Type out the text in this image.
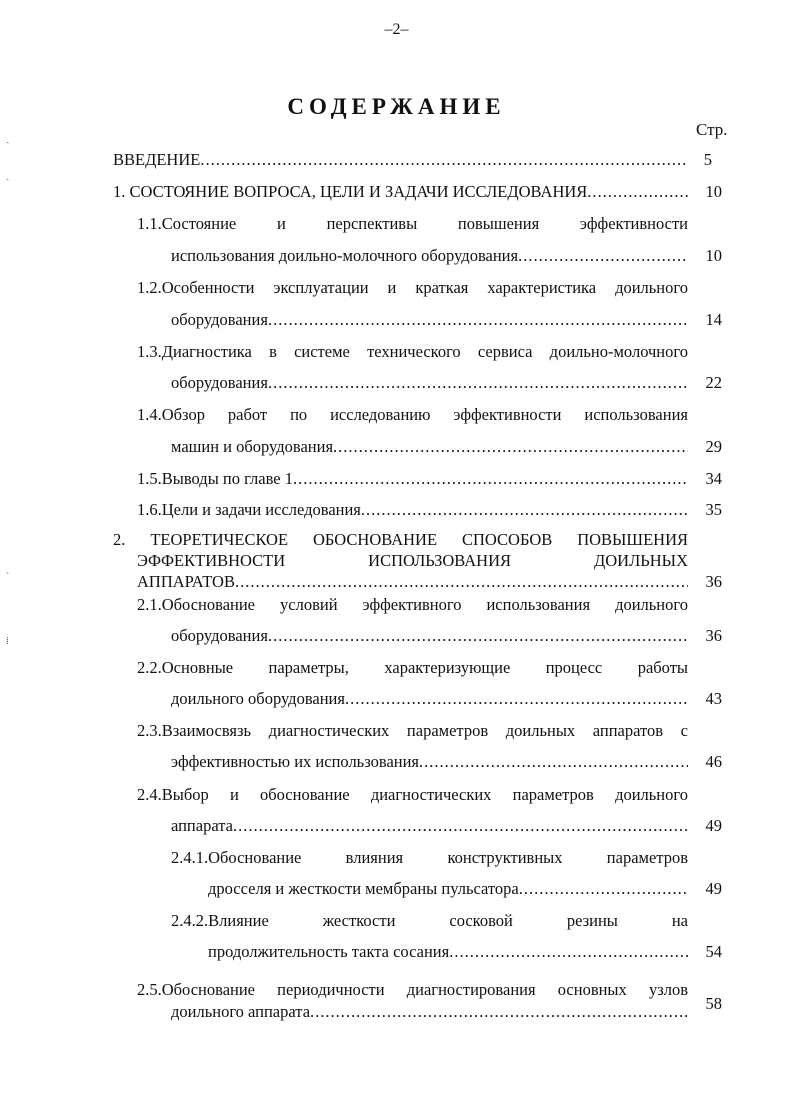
–2–
СОДЕРЖАНИЕ
Стр.
ˎ
ˏ
ˋ
⁞
ВВЕДЕНИЕ .....	5
1. СОСТОЯНИЕ ВОПРОСА, ЦЕЛИ И ЗАДАЧИ ИССЛЕДОВАНИЯ .....	10
1.1.Состояние и перспективы повышения эффективности
использования доильно-молочного оборудования .....	10
1.2.Особенности эксплуатации и краткая характеристика доильного
оборудования .....	14
1.3.Диагностика в системе технического сервиса доильно-молочного
оборудования .....	22
1.4.Обзор работ по исследованию эффективности использования
машин и оборудования .....	29
1.5.Выводы по главе 1 .....	34
1.6.Цели и задачи исследования .....	35
2. ТЕОРЕТИЧЕСКОЕ ОБОСНОВАНИЕ СПОСОБОВ ПОВЫШЕНИЯ
ЭФФЕКТИВНОСТИ ИСПОЛЬЗОВАНИЯ ДОИЛЬНЫХ
АППАРАТОВ .....	36
2.1.Обоснование условий эффективного использования доильного
оборудования .....	36
2.2.Основные параметры, характеризующие процесс работы
доильного оборудования .....	43
2.3.Взаимосвязь диагностических параметров доильных аппаратов с
эффективностью их использования .....	46
2.4.Выбор и обоснование диагностических параметров доильного
аппарата .....	49
2.4.1.Обоснование влияния конструктивных параметров
дросселя и жесткости мембраны пульсатора .....	49
2.4.2.Влияние жесткости сосковой резины на
продолжительность такта сосания .....	54
2.5.Обоснование периодичности диагностирования основных узлов
доильного аппарата .....	58
